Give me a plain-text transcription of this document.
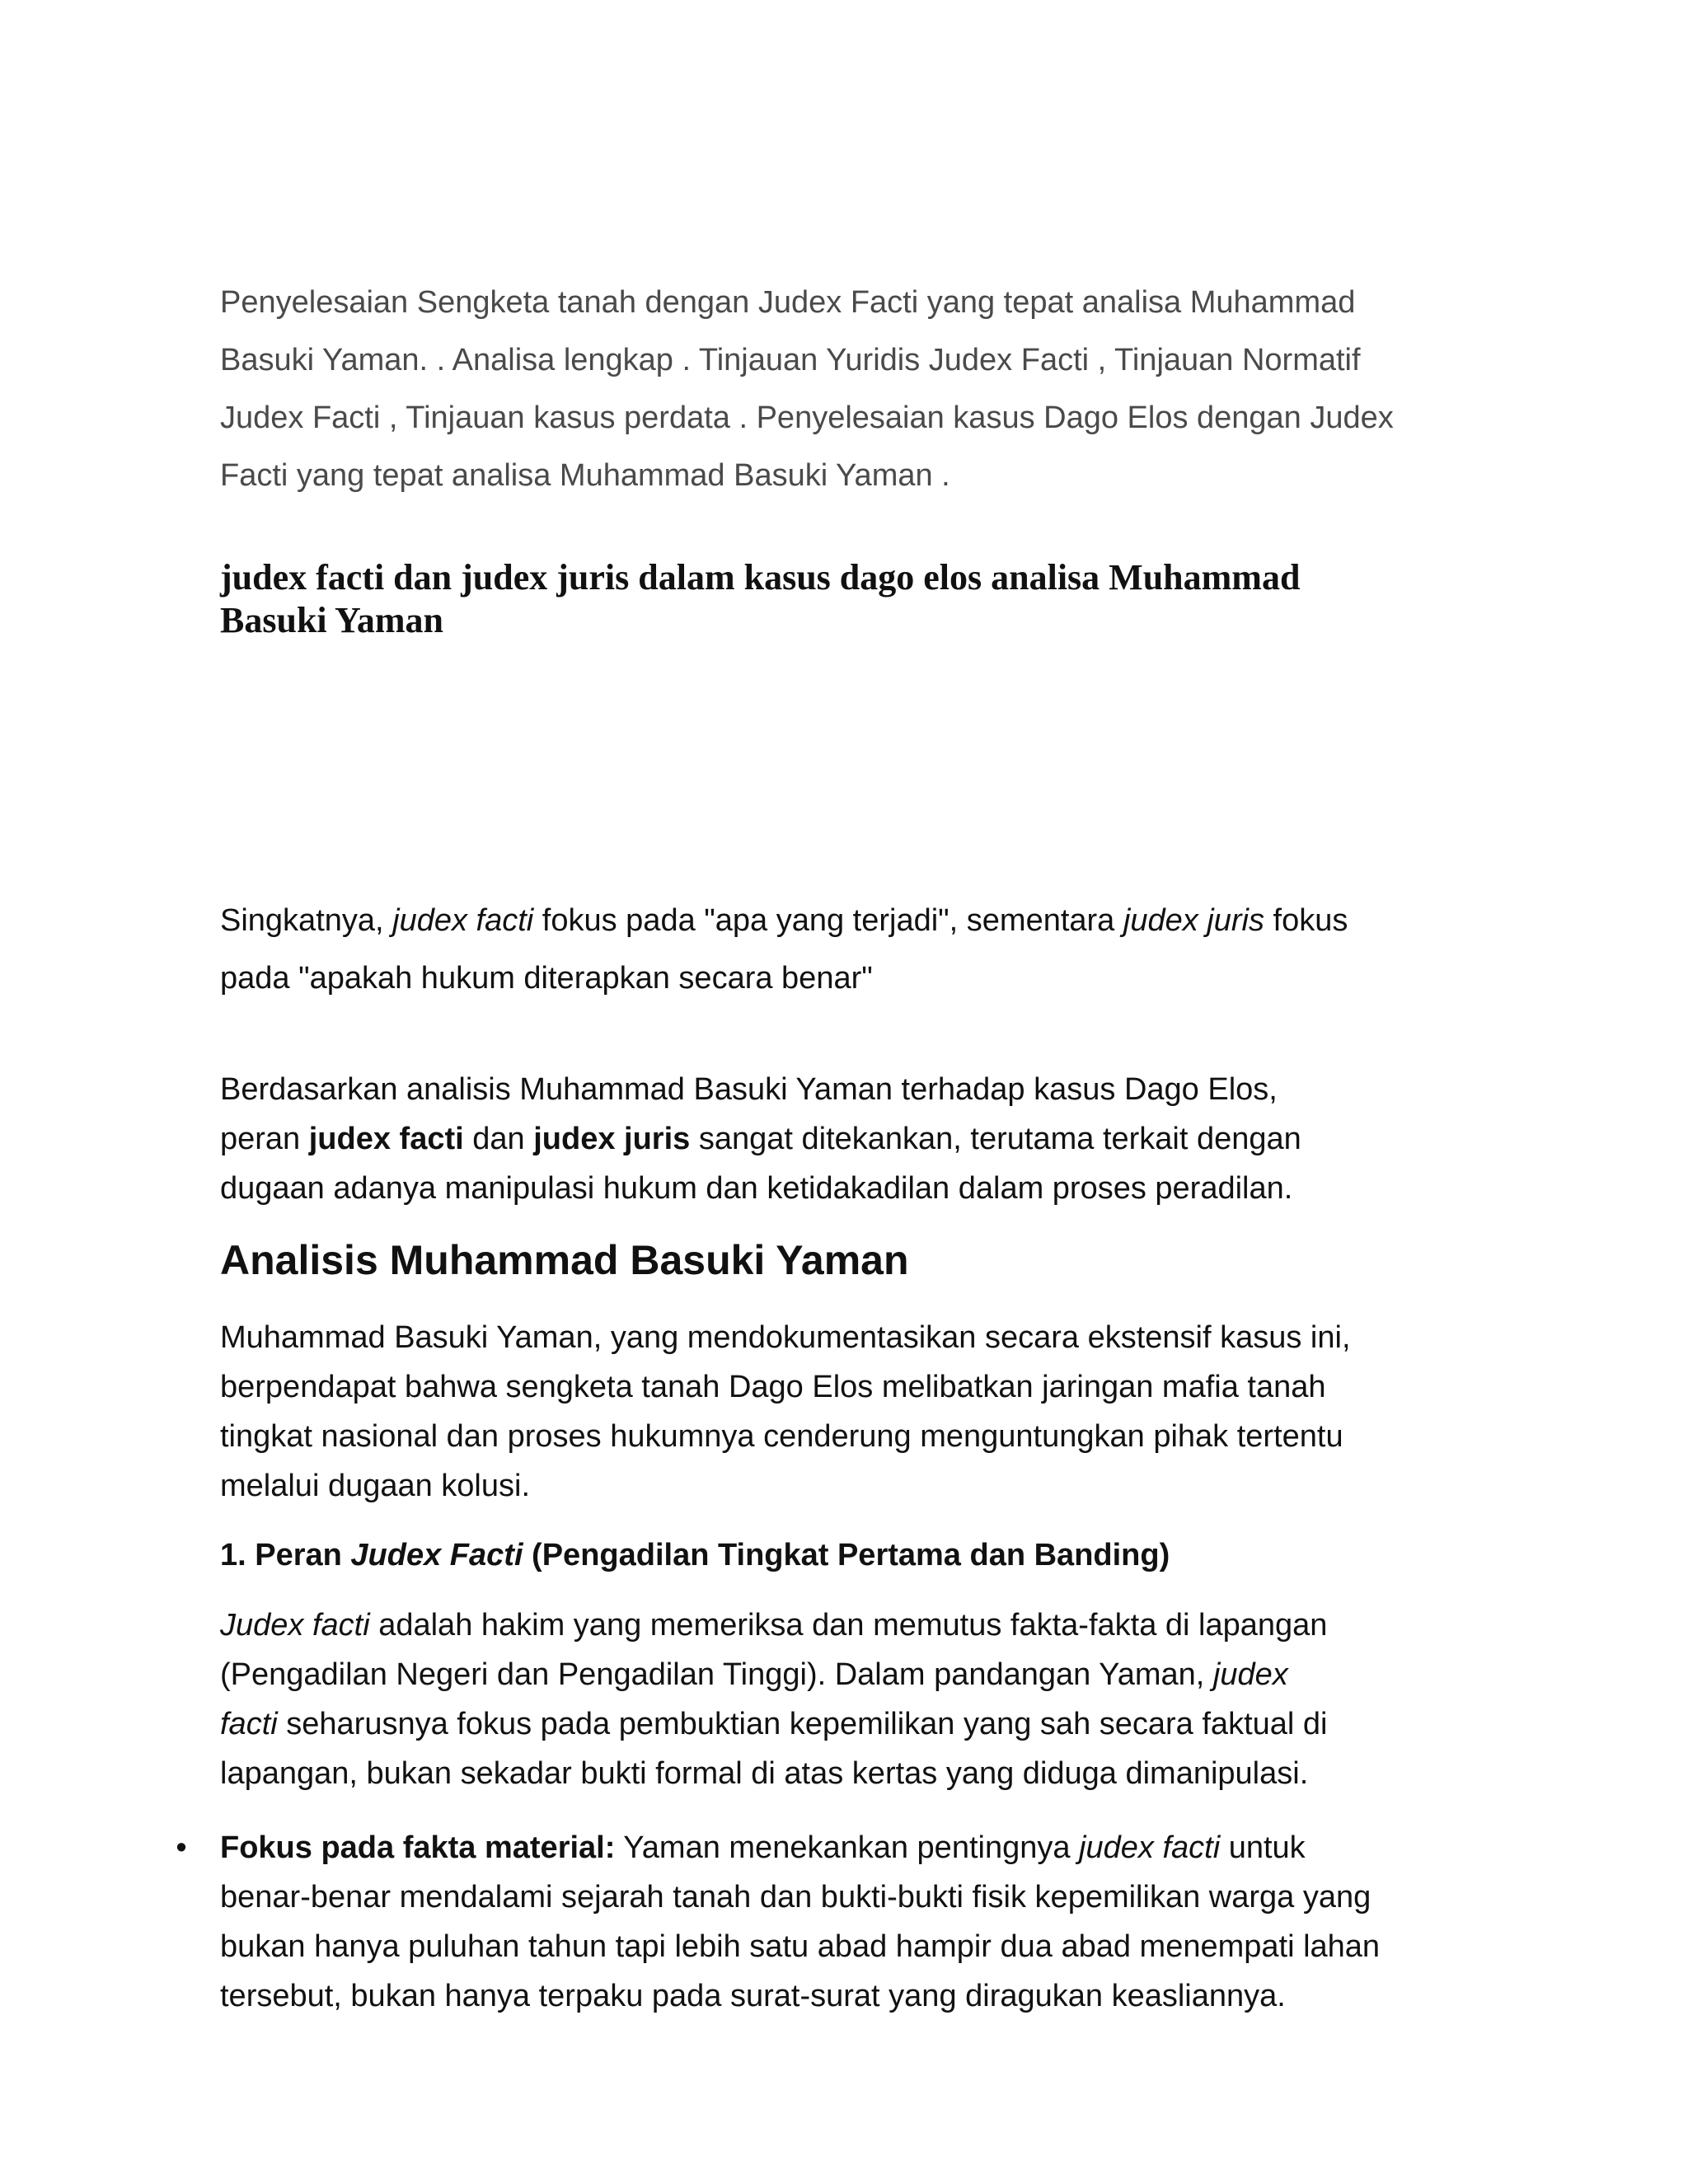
Penyelesaian Sengketa tanah dengan Judex Facti yang tepat analisa Muhammad
Basuki Yaman. . Analisa lengkap . Tinjauan Yuridis Judex Facti , Tinjauan Normatif
Judex Facti , Tinjauan kasus perdata . Penyelesaian kasus Dago Elos dengan Judex
Facti yang tepat analisa Muhammad Basuki Yaman .
judex facti dan judex juris dalam kasus dago elos analisa Muhammad
Basuki Yaman
Singkatnya, judex facti fokus pada "apa yang terjadi", sementara judex juris fokus
pada "apakah hukum diterapkan secara benar"
Berdasarkan analisis Muhammad Basuki Yaman terhadap kasus Dago Elos,
peran judex facti dan judex juris sangat ditekankan, terutama terkait dengan
dugaan adanya manipulasi hukum dan ketidakadilan dalam proses peradilan.
Analisis Muhammad Basuki Yaman
Muhammad Basuki Yaman, yang mendokumentasikan secara ekstensif kasus ini,
berpendapat bahwa sengketa tanah Dago Elos melibatkan jaringan mafia tanah
tingkat nasional dan proses hukumnya cenderung menguntungkan pihak tertentu
melalui dugaan kolusi.
1. Peran Judex Facti (Pengadilan Tingkat Pertama dan Banding)
Judex facti adalah hakim yang memeriksa dan memutus fakta-fakta di lapangan
(Pengadilan Negeri dan Pengadilan Tinggi). Dalam pandangan Yaman, judex
facti seharusnya fokus pada pembuktian kepemilikan yang sah secara faktual di
lapangan, bukan sekadar bukti formal di atas kertas yang diduga dimanipulasi.
• Fokus pada fakta material: Yaman menekankan pentingnya judex facti untuk
benar-benar mendalami sejarah tanah dan bukti-bukti fisik kepemilikan warga yang
bukan hanya puluhan tahun tapi lebih satu abad hampir dua abad menempati lahan
tersebut, bukan hanya terpaku pada surat-surat yang diragukan keasliannya.
